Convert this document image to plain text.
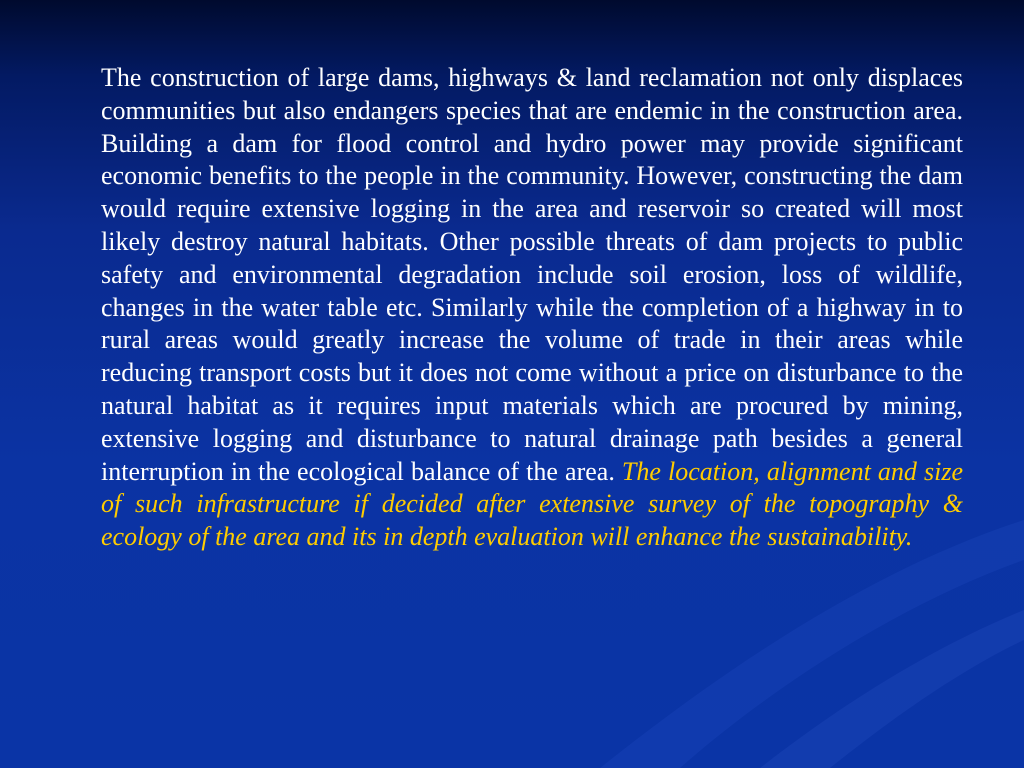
The construction of large dams, highways & land reclamation not only displaces communities but also endangers species that are endemic in the construction area. Building a dam for flood control and hydro power may provide significant economic benefits to the people in the community. However, constructing the dam would require extensive logging in the area and reservoir so created will most likely destroy natural habitats. Other possible threats of dam projects to public safety and environmental degradation include soil erosion, loss of wildlife, changes in the water table etc. Similarly while the completion of a highway in to rural areas would greatly increase the volume of trade in their areas while reducing transport costs but it does not come without a price on disturbance to the natural habitat as it requires input materials which are procured by mining, extensive logging and disturbance to natural drainage path besides a general interruption in the ecological balance of the area. The location, alignment and size of such infrastructure if decided after extensive survey of the topography & ecology of the area and its in depth evaluation will enhance the sustainability.
